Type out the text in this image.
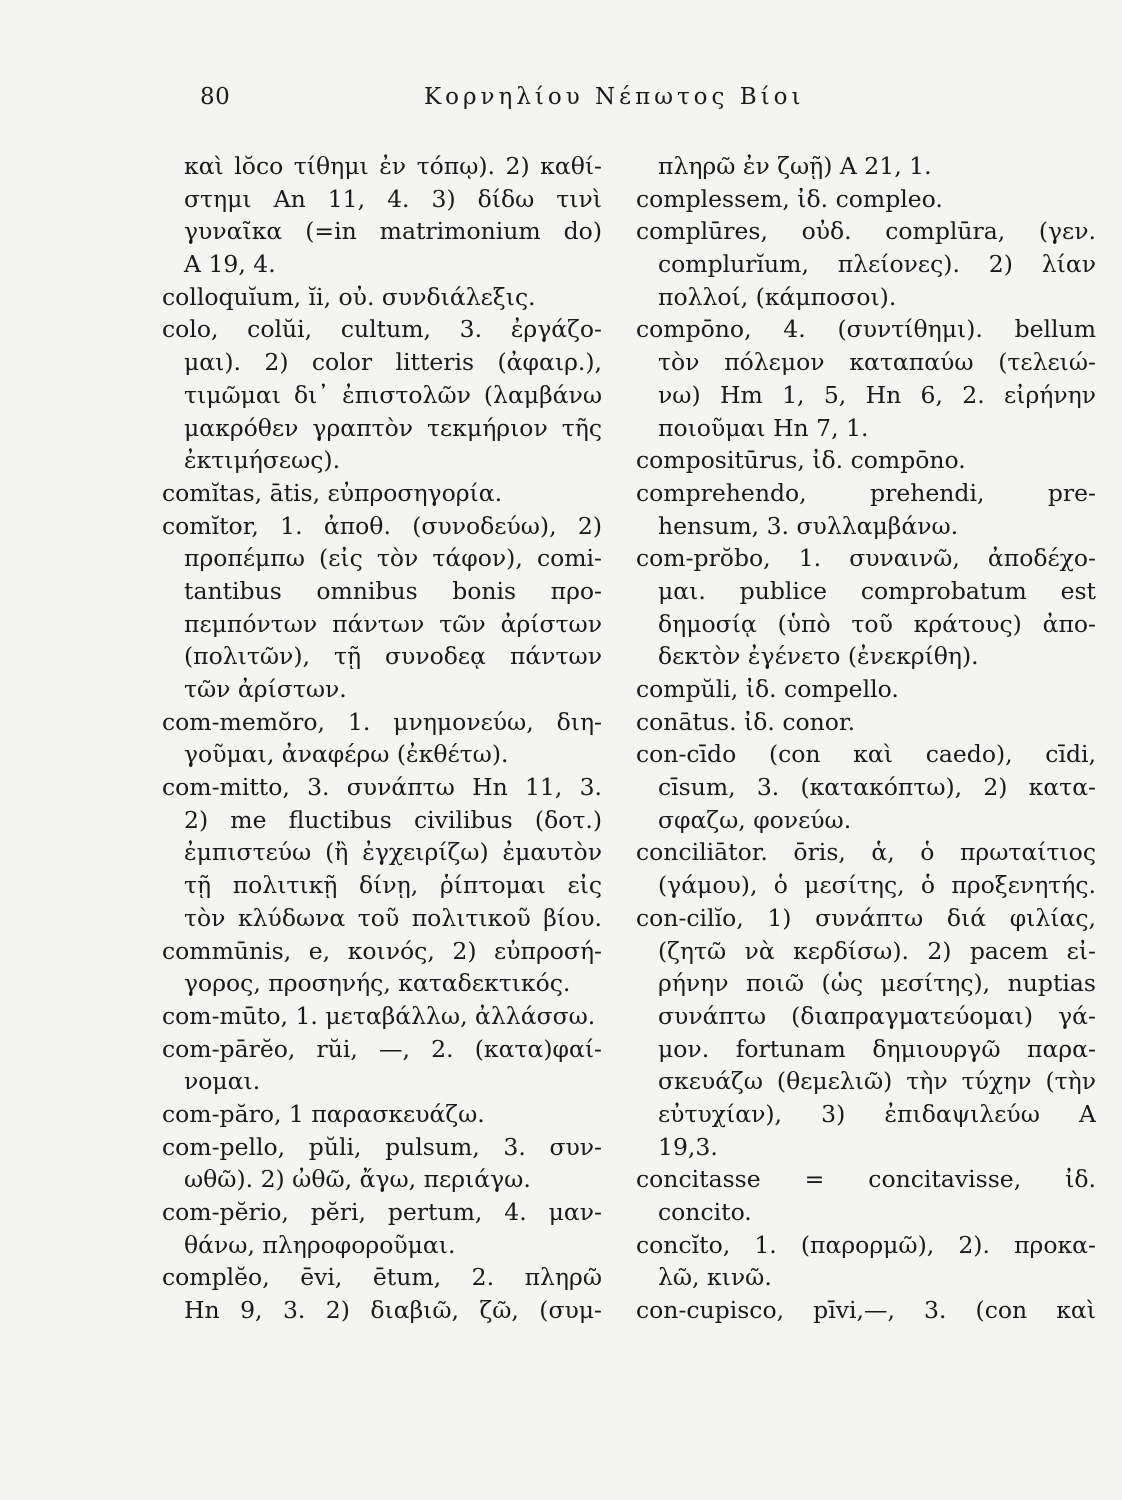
80	Κορνηλίου Νέπωτος Βίοι
καὶ lŏco τίθημι ἐν τόπῳ). 2) καθί-
στημι An 11, 4. 3) δίδω τινὶ
γυναῖκα (=in matrimonium do)
A 19, 4.
colloquĭum, ĭi, οὐ. συνδιάλεξις.
colo, colŭi, cultum, 3. ἐργάζο-
μαι). 2) color litteris (ἀφαιρ.),
τιμῶμαι δι᾽ ἐπιστολῶν (λαμβάνω
μακρόθεν γραπτὸν τεκμήριον τῆς
ἐκτιμήσεως).
comĭtas, ātis, εὐπροσηγορία.
comĭtor, 1. ἀποθ. (συνοδεύω), 2)
προπέμπω (εἰς τὸν τάφον), comi-
tantibus omnibus bonis προ-
πεμπόντων πάντων τῶν ἀρίστων
(πολιτῶν), τῇ συνοδεᾳ πάντων
τῶν ἀρίστων.
com-memŏro, 1. μνημονεύω, διη-
γοῦμαι, ἀναφέρω (ἐκθέτω).
com-mitto, 3. συνάπτω Hn 11, 3.
2) me fluctibus civilibus (δοτ.)
ἐμπιστεύω (ἢ ἐγχειρίζω) ἐμαυτὸν
τῇ πολιτικῇ δίνῃ, ῥίπτομαι εἰς
τὸν κλύδωνα τοῦ πολιτικοῦ βίου.
commūnis, e, κοινός, 2) εὐπροσή-
γορος, προσηνής, καταδεκτικός.
com-mūto, 1. μεταβάλλω, ἀλλάσσω.
com-pārĕo, rŭi, —, 2. (κατα)φαί-
νομαι.
com-păro, 1 παρασκευάζω.
com-pello, pŭli, pulsum, 3. συν-
ωθῶ). 2) ὠθῶ, ἄγω, περιάγω.
com-pĕrio, pĕri, pertum, 4. μαν-
θάνω, πληροφοροῦμαι.
complĕo, ēvi, ētum, 2. πληρῶ
Hn 9, 3. 2) διαβιῶ, ζῶ, (συμ-
πληρῶ ἐν ζωῇ) A 21, 1.
complessem, ἰδ. compleo.
complūres, οὐδ. complūra, (γεν.
complurĭum, πλείονες). 2) λίαν
πολλοί, (κάμποσοι).
compōno, 4. (συντίθημι). bellum
τὸν πόλεμον καταπαύω (τελειώ-
νω) Hm 1, 5, Hn 6, 2. εἰρήνην
ποιοῦμαι Hn 7, 1.
compositūrus, ἰδ. compōno.
comprehendo, prehendi, pre-
hensum, 3. συλλαμβάνω.
com-prŏbo, 1. συναινῶ, ἀποδέχο-
μαι. publice comprobatum est
δημοσίᾳ (ὑπὸ τοῦ κράτους) ἀπο-
δεκτὸν ἐγένετο (ἐνεκρίθη).
compŭli, ἰδ. compello.
conātus. ἰδ. conor.
con-cīdo (con καὶ caedo), cīdi,
cīsum, 3. (κατακόπτω), 2) κατα-
σφαζω, φονεύω.
conciliātor. ōris, ἁ, ὁ πρωταίτιος
(γάμου), ὁ μεσίτης, ὁ προξενητής.
con-cilĭo, 1) συνάπτω διά φιλίας,
(ζητῶ νὰ κερδίσω). 2) pacem εἰ-
ρήνην ποιῶ (ὡς μεσίτης), nuptias
συνάπτω (διαπραγματεύομαι) γά-
μον. fortunam δημιουργῶ παρα-
σκευάζω (θεμελιῶ) τὴν τύχην (τὴν
εὐτυχίαν), 3) ἐπιδαψιλεύω A
19,3.
concitasse = concitavisse, ἰδ.
concito.
concĭto, 1. (παρορμῶ), 2). προκα-
λῶ, κινῶ.
con-cupisco, pīvi,—, 3. (con καὶ
